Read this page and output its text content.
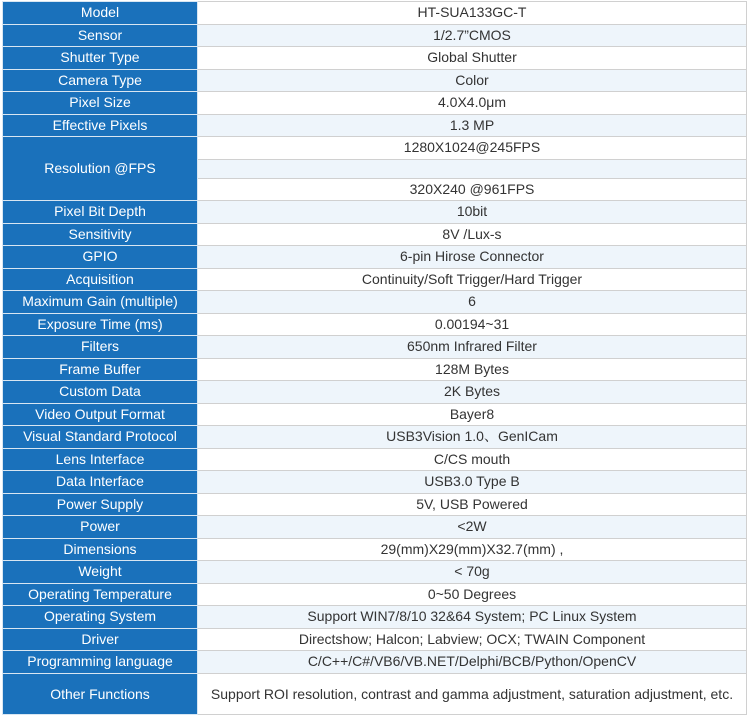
Model	HT-SUA133GC-T
Sensor	1/2.7”CMOS
Shutter Type	Global Shutter
Camera Type	Color
Pixel Size	4.0X4.0μm
Effective Pixels	1.3 MP
Resolution @FPS	1280X1024@245FPS

	320X240 @961FPS
Pixel Bit Depth	10bit
Sensitivity	8V /Lux-s
GPIO	6-pin Hirose Connector
Acquisition	Continuity/Soft Trigger/Hard Trigger
Maximum Gain (multiple)	6
Exposure Time (ms)	0.00194~31
Filters	650nm Infrared Filter
Frame Buffer	128M Bytes
Custom Data	2K Bytes
Video Output Format	Bayer8
Visual Standard Protocol	USB3Vision 1.0、GenICam
Lens Interface	C/CS mouth
Data Interface	USB3.0 Type B
Power Supply	5V, USB Powered
Power	<2W
Dimensions	29(mm)X29(mm)X32.7(mm) ,
Weight	< 70g
Operating Temperature	0~50 Degrees
Operating System	Support WIN7/8/10 32&64 System; PC Linux System
Driver	Directshow; Halcon; Labview; OCX; TWAIN Component
Programming language	C/C++/C#/VB6/VB.NET/Delphi/BCB/Python/OpenCV
Other Functions	Support ROI resolution, contrast and gamma adjustment, saturation adjustment, etc.
